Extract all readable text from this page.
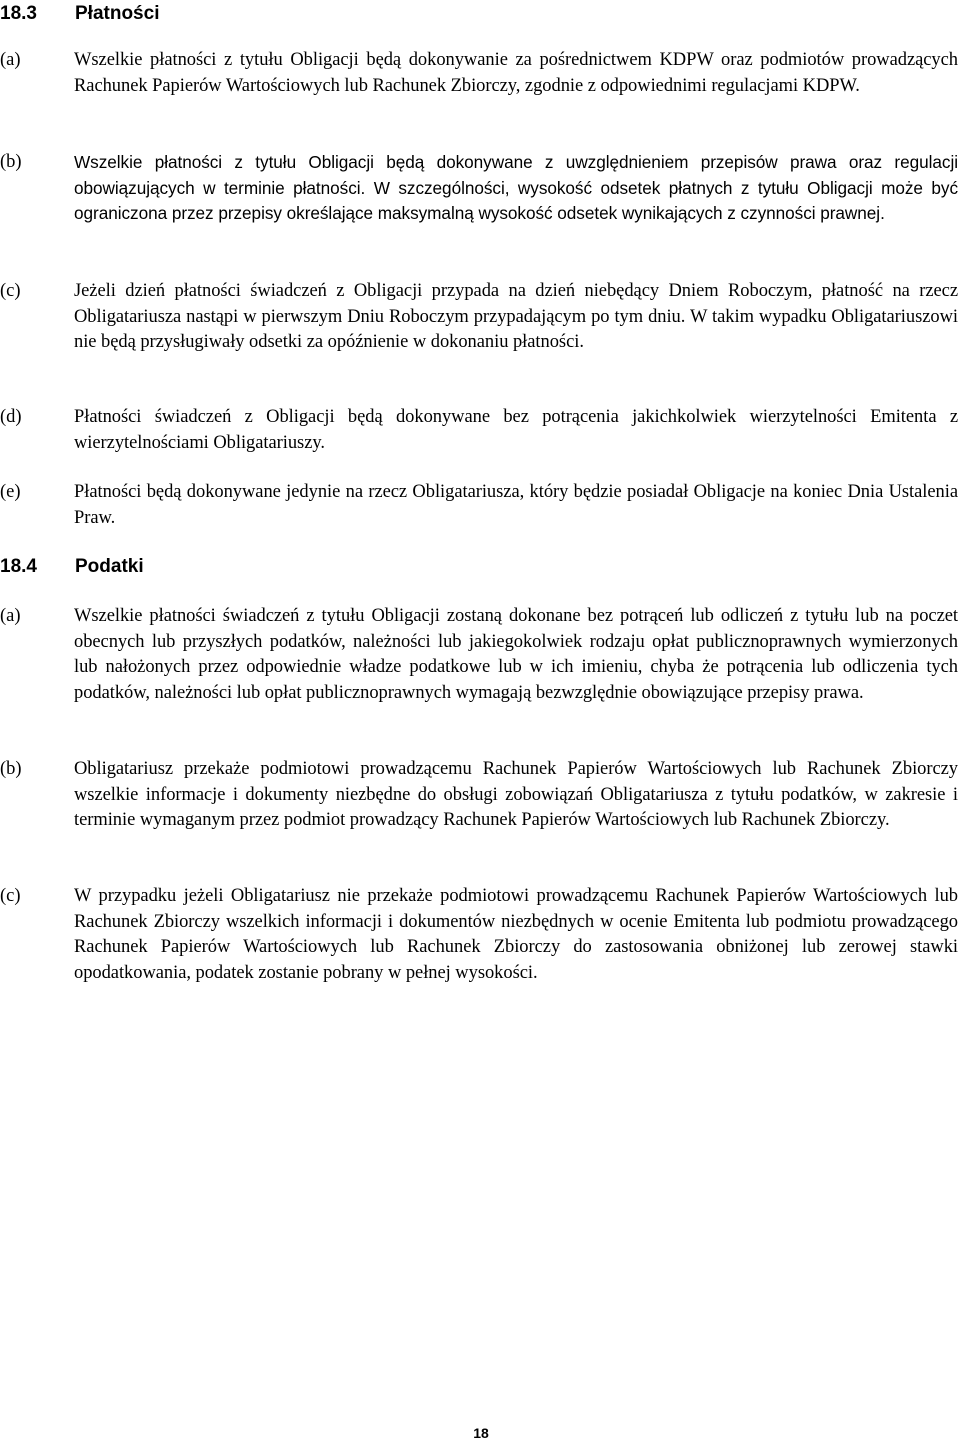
18.3 Płatności
(a)	Wszelkie płatności z tytułu Obligacji będą dokonywanie za pośrednictwem KDPW oraz podmiotów prowadzących Rachunek Papierów Wartościowych lub Rachunek Zbiorczy, zgodnie z odpowiednimi regulacjami KDPW.
(b)	Wszelkie płatności z tytułu Obligacji będą dokonywane z uwzględnieniem przepisów prawa oraz regulacji obowiązujących w terminie płatności. W szczególności, wysokość odsetek płatnych z tytułu Obligacji może być ograniczona przez przepisy określające maksymalną wysokość odsetek wynikających z czynności prawnej.
(c)	Jeżeli dzień płatności świadczeń z Obligacji przypada na dzień niebędący Dniem Roboczym, płatność na rzecz Obligatariusza nastąpi w pierwszym Dniu Roboczym przypadającym po tym dniu. W takim wypadku Obligatariuszowi nie będą przysługiwały odsetki za opóźnienie w dokonaniu płatności.
(d)	Płatności świadczeń z Obligacji będą dokonywane bez potrącenia jakichkolwiek wierzytelności Emitenta z wierzytelnościami Obligatariuszy.
(e)	Płatności będą dokonywane jedynie na rzecz Obligatariusza, który będzie posiadał Obligacje na koniec Dnia Ustalenia Praw.
18.4 Podatki
(a)	Wszelkie płatności świadczeń z tytułu Obligacji zostaną dokonane bez potrąceń lub odliczeń z tytułu lub na poczet obecnych lub przyszłych podatków, należności lub jakiegokolwiek rodzaju opłat publicznoprawnych wymierzonych lub nałożonych przez odpowiednie władze podatkowe lub w ich imieniu, chyba że potrącenia lub odliczenia tych podatków, należności lub opłat publicznoprawnych wymagają bezwzględnie obowiązujące przepisy prawa.
(b)	Obligatariusz przekaże podmiotowi prowadzącemu Rachunek Papierów Wartościowych lub Rachunek Zbiorczy wszelkie informacje i dokumenty niezbędne do obsługi zobowiązań Obligatariusza z tytułu podatków, w zakresie i terminie wymaganym przez podmiot prowadzący Rachunek Papierów Wartościowych lub Rachunek Zbiorczy.
(c)	W przypadku jeżeli Obligatariusz nie przekaże podmiotowi prowadzącemu Rachunek Papierów Wartościowych lub Rachunek Zbiorczy wszelkich informacji i dokumentów niezbędnych w ocenie Emitenta lub podmiotu prowadzącego Rachunek Papierów Wartościowych lub Rachunek Zbiorczy do zastosowania obniżonej lub zerowej stawki opodatkowania, podatek zostanie pobrany w pełnej wysokości.
18
